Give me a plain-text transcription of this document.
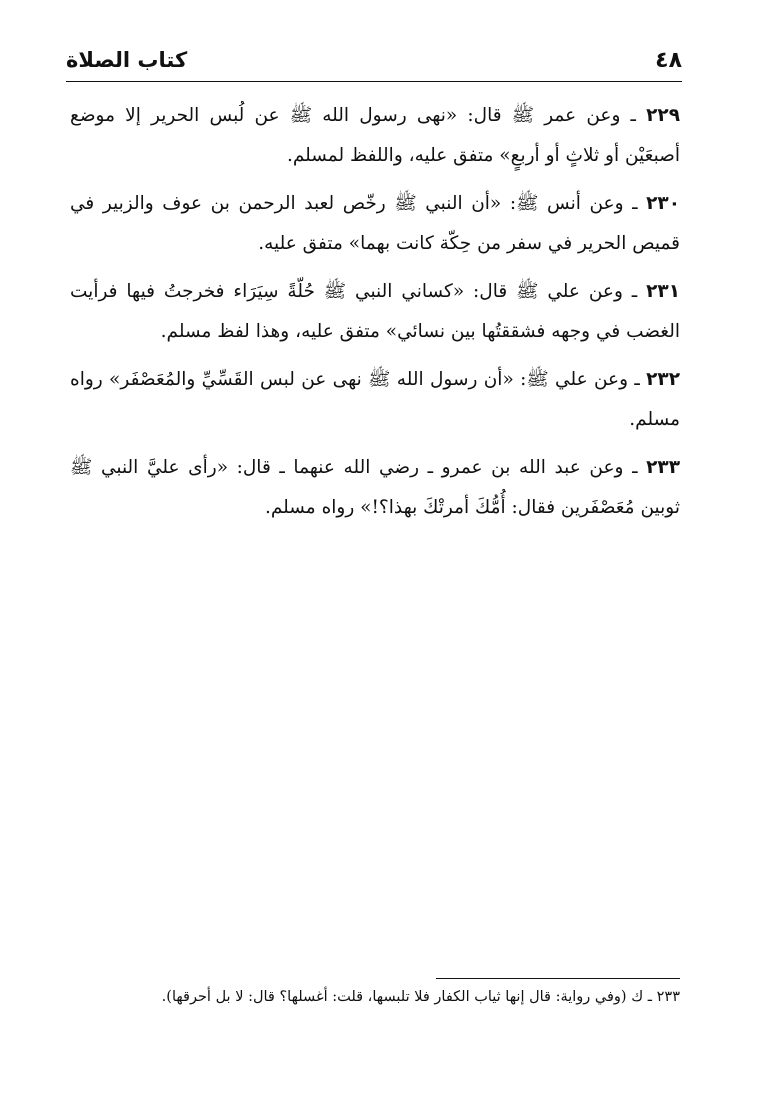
٤٨
كتاب الصلاة

٢٢٩ ـ وعن عمر ﷺ قال: «نهى رسول الله ﷺ عن لُبس الحرير إلا موضع أصبعَيْن أو ثلاثٍ أو أربعٍ» متفق عليه، واللفظ لمسلم.

٢٣٠ ـ وعن أنس ﷺ: «أن النبي ﷺ رخّص لعبد الرحمن بن عوف والزبير في قميص الحرير في سفر من حِكّة كانت بهما» متفق عليه.

٢٣١ ـ وعن علي ﷺ قال: «كساني النبي ﷺ حُلّةً سِيَرَاء فخرجتُ فيها فرأيت الغضب في وجهه فشققتُها بين نسائي» متفق عليه، وهذا لفظ مسلم.

٢٣٢ ـ وعن علي ﷺ: «أن رسول الله ﷺ نهى عن لبس القَسِّيِّ والمُعَصْفَر» رواه مسلم.

٢٣٣ ـ وعن عبد الله بن عمرو ـ رضي الله عنهما ـ قال: «رأى عليَّ النبي ﷺ ثوبين مُعَصْفَرين فقال: أُمُّكَ أمرتْكَ بهذا؟!» رواه مسلم.

٢٣٣ ـ ك (وفي رواية: قال إنها ثياب الكفار فلا تلبسها، قلت: أغسلها؟ قال: لا بل أحرقها).
